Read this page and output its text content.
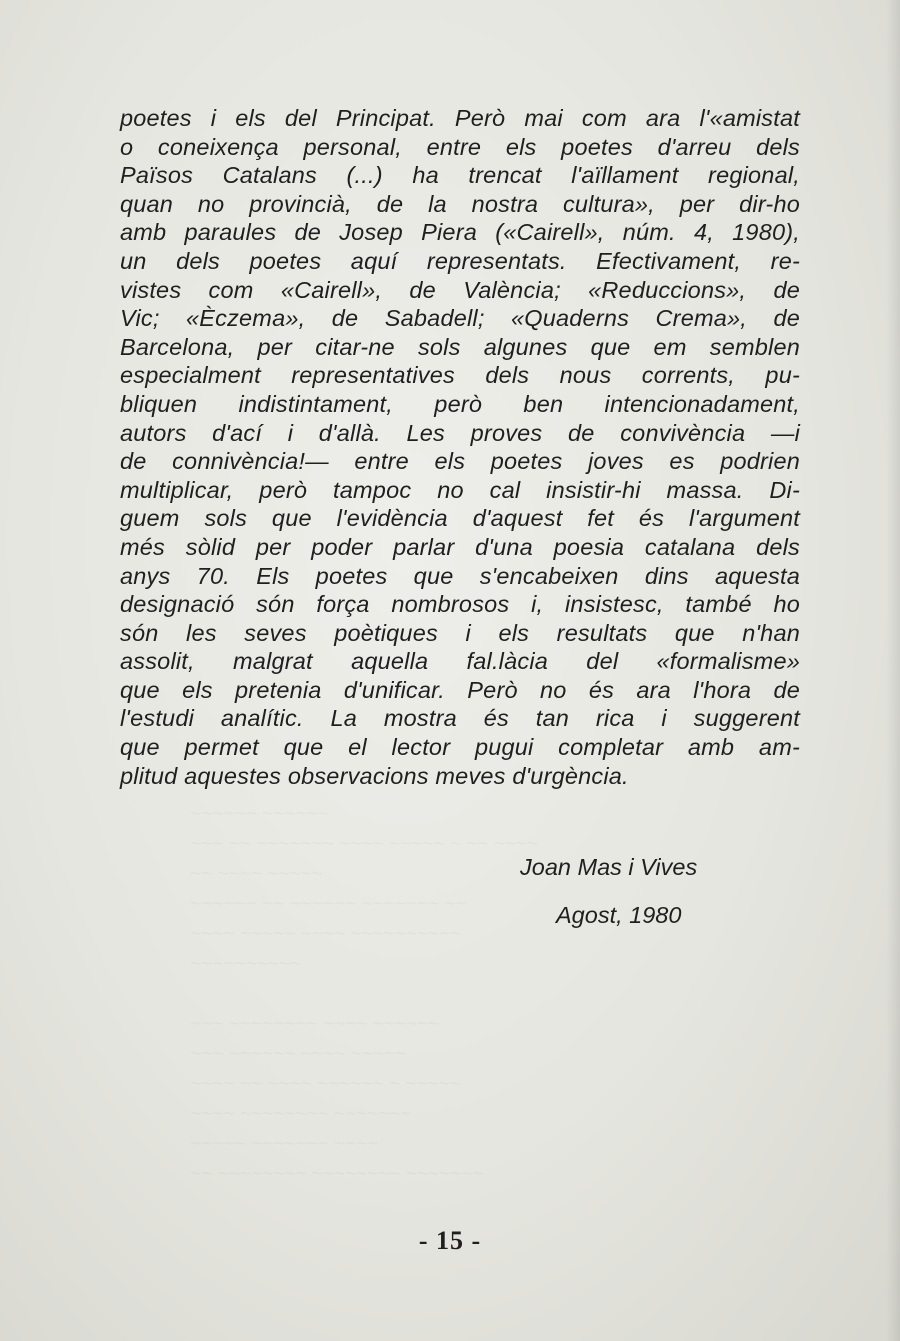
poetes i els del Principat. Però mai com ara l'«amistat
o coneixença personal, entre els poetes d'arreu dels
Països Catalans (...) ha trencat l'aïllament regional,
quan no provincià, de la nostra cultura», per dir-ho
amb paraules de Josep Piera («Cairell», núm. 4, 1980),
un dels poetes aquí representats. Efectivament, re-
vistes com «Cairell», de València; «Reduccions», de
Vic; «Èczema», de Sabadell; «Quaderns Crema», de
Barcelona, per citar-ne sols algunes que em semblen
especialment representatives dels nous corrents, pu-
bliquen indistintament, però ben intencionadament,
autors d'ací i d'allà. Les proves de convivència —i
de connivència!— entre els poetes joves es podrien
multiplicar, però tampoc no cal insistir-hi massa. Di-
guem sols que l'evidència d'aquest fet és l'argument
més sòlid per poder parlar d'una poesia catalana dels
anys 70. Els poetes que s'encabeixen dins aquesta
designació són força nombrosos i, insistesc, també ho
són les seves poètiques i els resultats que n'han
assolit, malgrat aquella fal.làcia del «formalisme»
que els pretenia d'unificar. Però no és ara l'hora de
l'estudi analític. La mostra és tan rica i suggerent
que permet que el lector pugui completar amb am-
plitud aquestes observacions meves d'urgència.
Joan Mas i Vives
Agost, 1980
- 15 -
